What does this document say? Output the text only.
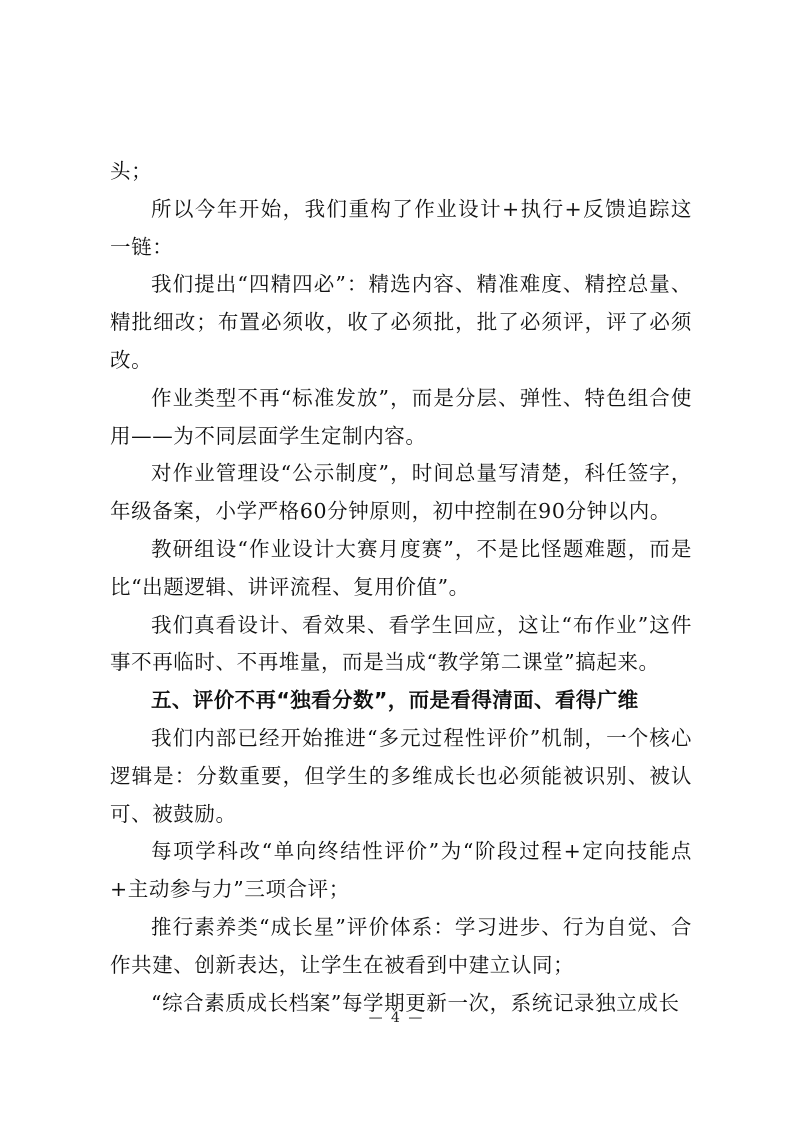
头；

所以今年开始，我们重构了作业设计+执行+反馈追踪这一链：

我们提出“四精四必”：精选内容、精准难度、精控总量、精批细改；布置必须收，收了必须批，批了必须评，评了必须改。

作业类型不再“标准发放”，而是分层、弹性、特色组合使用——为不同层面学生定制内容。

对作业管理设“公示制度”，时间总量写清楚，科任签字，年级备案，小学严格60分钟原则，初中控制在90分钟以内。

教研组设“作业设计大赛月度赛”，不是比怪题难题，而是比“出题逻辑、讲评流程、复用价值”。

我们真看设计、看效果、看学生回应，这让“布作业”这件事不再临时、不再堆量，而是当成“教学第二课堂”搞起来。

五、评价不再“独看分数”，而是看得清面、看得广维

我们内部已经开始推进“多元过程性评价”机制，一个核心逻辑是：分数重要，但学生的多维成长也必须能被识别、被认可、被鼓励。

每项学科改“单向终结性评价”为“阶段过程+定向技能点+主动参与力”三项合评；

推行素养类“成长星”评价体系：学习进步、行为自觉、合作共建、创新表达，让学生在被看到中建立认同；

“综合素质成长档案”每学期更新一次，系统记录独立成长

— 4 —
